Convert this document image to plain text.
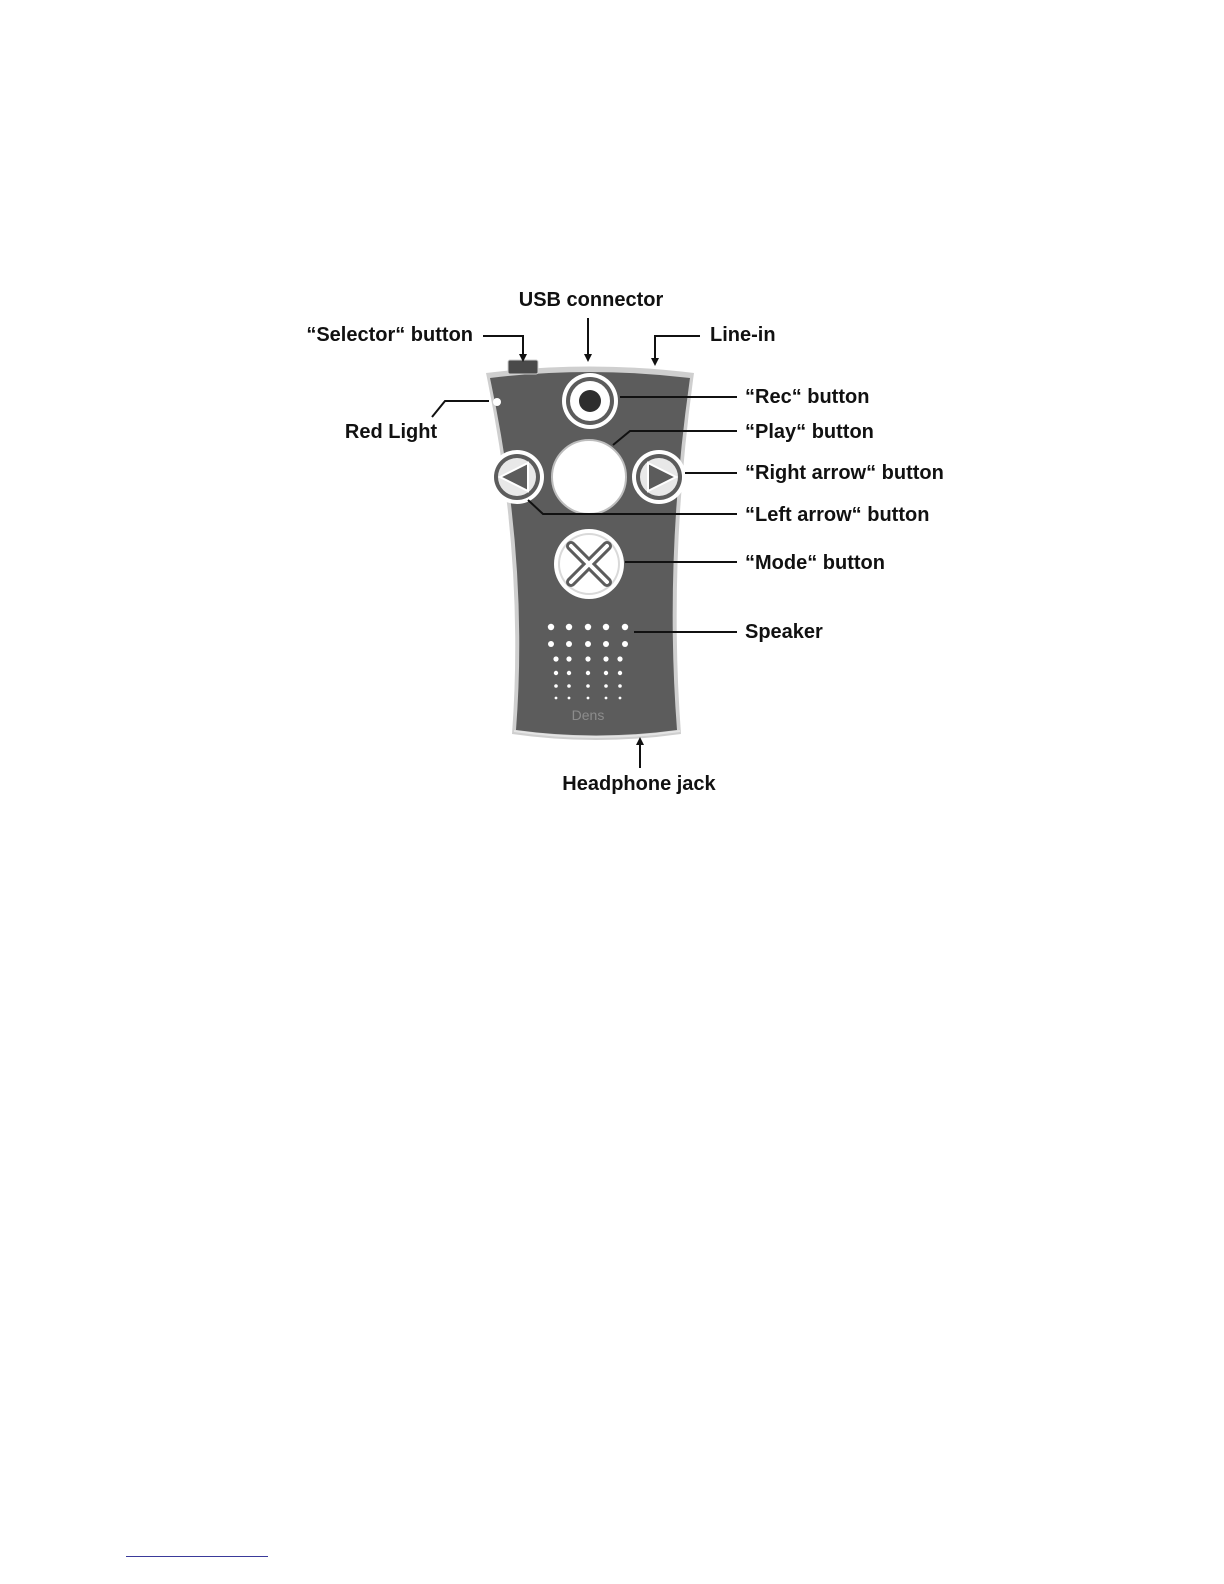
Dens
USB connector
“Selector“ button	Line-in
“Rec“ button
Red Light	“Play“ button
“Right arrow“ button
“Left arrow“ button
“Mode“ button
Speaker
Headphone jack
